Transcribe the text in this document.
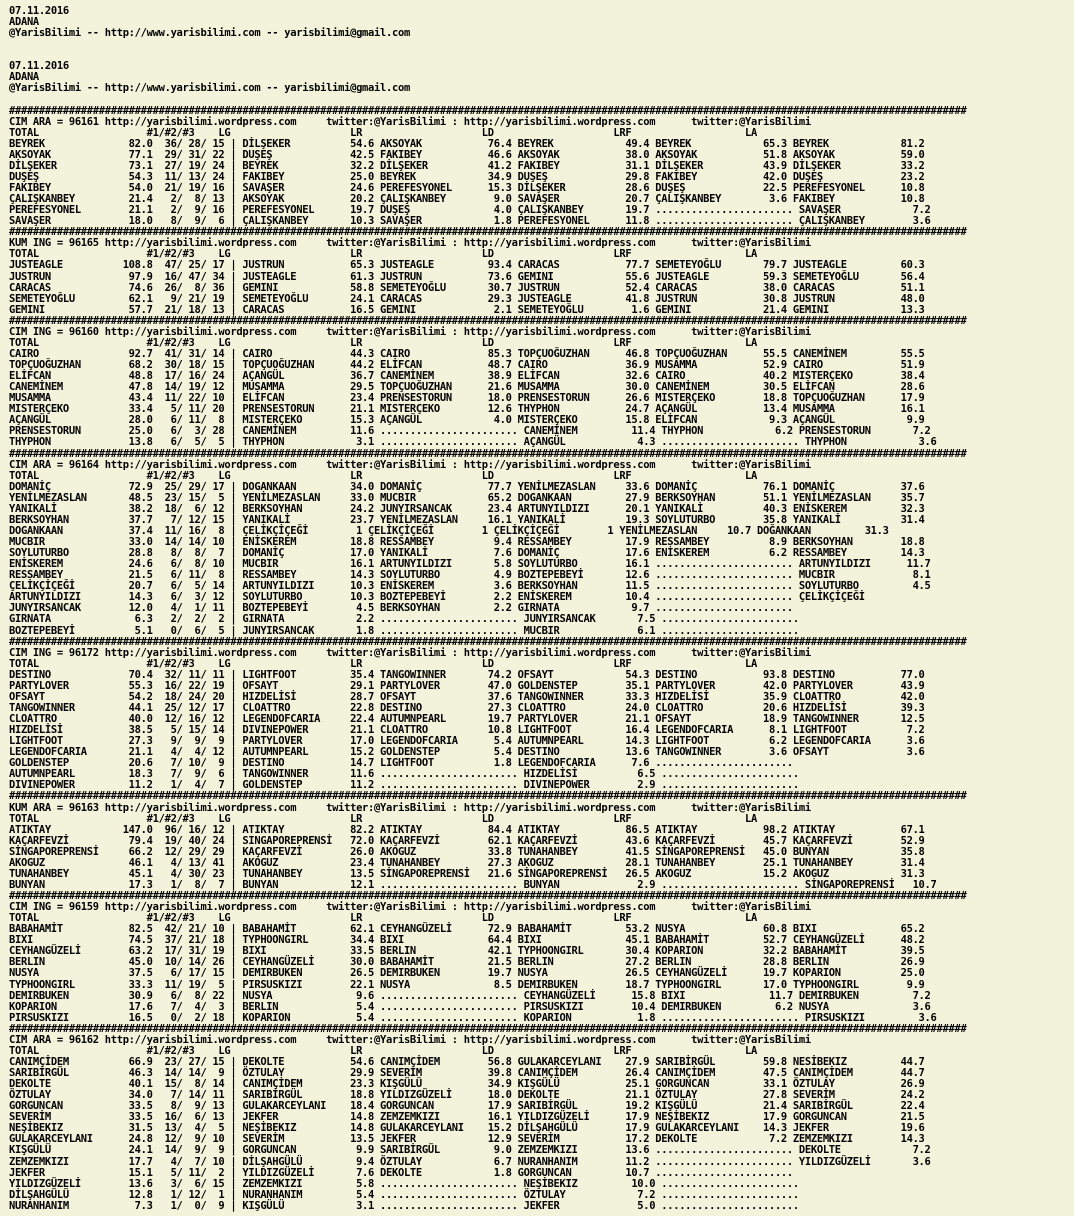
07.11.2016
ADANA
@YarisBilimi -- http://www.yarisbilimi.com -- yarisbilimi@gmail.com
07.11.2016
ADANA
@YarisBilimi -- http://www.yarisbilimi.com -- yarisbilimi@gmail.com
################################################################################################################################################################
CIM ARA = 96161 http://yarisbilimi.wordpress.com     twitter:@YarisBilimi : http://yarisbilimi.wordpress.com      twitter:@YarisBilimi
TOTAL                  #1/#2/#3    LG                    LR                    LD                    LRF                   LA
BEYREK              82.0  36/ 28/ 15 | DİLŞEKER          54.6 AKSOYAK           76.4 BEYREK            49.4 BEYREK            65.3 BEYREK            81.2
AKSOYAK             77.1  29/ 31/ 22 | DUŞEŞ             42.5 FAKIBEY           46.6 AKSOYAK           38.0 AKSOYAK           51.8 AKSOYAK           59.0
DİLŞEKER            73.1  27/ 19/ 24 | BEYREK            32.2 DİLŞEKER          41.2 FAKIBEY           31.1 DİLŞEKER          43.9 DİLŞEKER          33.2
DUŞEŞ               54.3  11/ 13/ 24 | FAKIBEY           25.0 BEYREK            34.9 DUŞEŞ             29.8 FAKIBEY           42.0 DUŞEŞ             23.2
FAKIBEY             54.0  21/ 19/ 16 | SAVAŞER           24.6 PEREFESYONEL      15.3 DİLŞEKER          28.6 DUŞEŞ             22.5 PEREFESYONEL      10.8
ÇALIŞKANBEY         21.4   2/  8/ 13 | AKSOYAK           20.2 ÇALIŞKANBEY        9.0 SAVAŞER           20.7 ÇALIŞKANBEY        3.6 FAKIBEY           10.8
PEREFESYONEL        21.1   2/  9/ 16 | PEREFESYONEL      19.7 DUŞEŞ              4.0 ÇALIŞKANBEY       19.7 ....................... SAVAŞER            7.2
SAVAŞER             18.0   8/  9/  6 | ÇALIŞKANBEY       10.3 SAVAŞER            1.8 PEREFESYONEL      11.8 ....................... ÇALIŞKANBEY        3.6
################################################################################################################################################################
KUM ING = 96165 http://yarisbilimi.wordpress.com     twitter:@YarisBilimi : http://yarisbilimi.wordpress.com      twitter:@YarisBilimi
TOTAL                  #1/#2/#3    LG                    LR                    LD                    LRF                   LA
JUSTEAGLE          108.8  47/ 25/ 17 | JUSTRUN           65.3 JUSTEAGLE         93.4 CARACAS           77.7 SEMETEYOĞLU       79.7 JUSTEAGLE         60.3
JUSTRUN             97.9  16/ 47/ 34 | JUSTEAGLE         61.3 JUSTRUN           73.6 GEMINI            55.6 JUSTEAGLE         59.3 SEMETEYOĞLU       56.4
CARACAS             74.6  26/  8/ 36 | GEMINI            58.8 SEMETEYOĞLU       30.7 JUSTRUN           52.4 CARACAS           38.0 CARACAS           51.1
SEMETEYOĞLU         62.1   9/ 21/ 19 | SEMETEYOĞLU       24.1 CARACAS           29.3 JUSTEAGLE         41.8 JUSTRUN           30.8 JUSTRUN           48.0
GEMINI              57.7  21/ 18/ 13 | CARACAS           16.5 GEMINI             2.1 SEMETEYOĞLU        1.6 GEMINI            21.4 GEMINI            13.3
################################################################################################################################################################
CIM ING = 96160 http://yarisbilimi.wordpress.com     twitter:@YarisBilimi : http://yarisbilimi.wordpress.com      twitter:@YarisBilimi
TOTAL                  #1/#2/#3    LG                    LR                    LD                    LRF                   LA
CAIRO               92.7  41/ 31/ 14 | CAIRO             44.3 CAIRO             85.3 TOPÇUOĞUZHAN      46.8 TOPÇUOĞUZHAN      55.5 CANEMİNEM         55.5
TOPÇUOĞUZHAN        68.2  30/ 18/ 15 | TOPÇUOĞUZHAN      44.2 ELİFCAN           48.7 CAIRO             36.9 MUSAMMA           52.9 CAIRO             51.9
ELİFCAN             48.8  17/ 16/ 24 | AÇANGÜL           36.7 CANEMİNEM         38.9 ELİFCAN           32.6 CAIRO             40.2 MISTERÇEKO        38.4
CANEMİNEM           47.8  14/ 19/ 12 | MUSAMMA           29.5 TOPÇUOĞUZHAN      21.6 MUSAMMA           30.0 CANEMİNEM         30.5 ELİFCAN           28.6
MUSAMMA             43.4  11/ 22/ 10 | ELİFCAN           23.4 PRENSESTORUN      18.0 PRENSESTORUN      26.6 MISTERÇEKO        18.8 TOPÇUOĞUZHAN      17.9
MISTERÇEKO          33.4   5/ 11/ 20 | PRENSESTORUN      21.1 MISTERÇEKO        12.6 THYPHON           24.7 AÇANGÜL           13.4 MUSAMMA           16.1
AÇANGÜL             28.0   6/ 11/  8 | MISTERÇEKO        15.3 AÇANGÜL            4.0 MISTERÇEKO        15.8 ELİFCAN            9.3 AÇANGÜL            9.9
PRENSESTORUN        25.0   6/  3/ 28 | CANEMİNEM         11.6 ....................... CANEMİNEM         11.4 THYPHON            6.2 PRENSESTORUN       7.2
THYPHON             13.8   6/  5/  5 | THYPHON            3.1 ....................... AÇANGÜL            4.3 ....................... THYPHON            3.6
################################################################################################################################################################
CIM ARA = 96164 http://yarisbilimi.wordpress.com     twitter:@YarisBilimi : http://yarisbilimi.wordpress.com      twitter:@YarisBilimi
TOTAL                  #1/#2/#3    LG                    LR                    LD                    LRF                   LA
DOMANİÇ             72.9  25/ 29/ 17 | DOGANKAAN         34.0 DOMANİÇ           77.7 YENİLMEZASLAN     33.6 DOMANİÇ           76.1 DOMANİÇ           37.6
YENİLMEZASLAN       48.5  23/ 15/  5 | YENİLMEZASLAN     33.0 MUCBIR            65.2 DOGANKAAN         27.9 BERKSOYHAN        51.1 YENİLMEZASLAN     35.7
YANIKALİ            38.2  18/  6/ 12 | BERKSOYHAN        24.2 JUNYIRSANCAK      23.4 ARTUNYILDIZI      20.1 YANIKALİ          40.3 ENİSKEREM         32.3
BERKSOYHAN          37.7   7/ 12/ 15 | YANIKALİ          23.7 YENİLMEZASLAN     16.1 YANIKALİ          19.3 SOYLUTURBO        35.8 YANIKALİ          31.4
DOGANKAAN           37.4  11/ 16/  8 | ÇELİKÇİÇEĞİ        1 ÇELİKÇİÇEĞİ        1 ÇELİKÇİÇEĞİ        1 YENİLMEZASLAN     10.7 DOĞANKAAN         31.3
MUCBIR              33.0  14/ 14/ 10 | ENİSKEREM         18.8 RESSAMBEY          9.4 RESSAMBEY         17.9 RESSAMBEY          8.9 BERKSOYHAN        18.8
SOYLUTURBO          28.8   8/  8/  7 | DOMANİÇ           17.0 YANIKALİ           7.6 DOMANİÇ           17.6 ENİSKEREM          6.2 RESSAMBEY         14.3
ENİSKEREM           24.6   6/  8/ 10 | MUCBIR            16.1 ARTUNYILDIZI       5.8 SOYLUTURBO        16.1 ....................... ARTUNYILDIZI      11.7
RESSAMBEY           21.5   6/ 11/  8 | RESSAMBEY         14.3 SOYLUTURBO         4.9 BOZTEPEBEYİ       12.6 ....................... MUCBIR             8.1
ÇELİKÇİÇEĞİ         20.7   6/  5/ 14 | ARTUNYILDIZI      10.3 ENİSKEREM          3.6 BERKSOYHAN        11.5 ....................... SOYLUTURBO         4.5
ARTUNYILDIZI        14.3   6/  3/ 12 | SOYLUTURBO        10.3 BOZTEPEBEYİ        2.2 ENİSKEREM         10.4 ....................... ÇELİKÇİÇEĞİ
JUNYIRSANCAK        12.0   4/  1/ 11 | BOZTEPEBEYİ        4.5 BERKSOYHAN         2.2 GIRNATA            9.7 .......................
GIRNATA              6.3   2/  2/  2 | GIRNATA            2.2 ....................... JUNYIRSANCAK       7.5 .......................
BOZTEPEBEYİ          5.1   0/  6/  5 | JUNYIRSANCAK       1.8 ....................... MUCBIR             6.1 .......................
################################################################################################################################################################
CIM ING = 96172 http://yarisbilimi.wordpress.com     twitter:@YarisBilimi : http://yarisbilimi.wordpress.com      twitter:@YarisBilimi
TOTAL                  #1/#2/#3    LG                    LR                    LD                    LRF                   LA
DESTINO             70.4  32/ 11/ 11 | LIGHTFOOT         35.4 TANGOWINNER       74.2 OFSAYT            54.3 DESTINO           93.8 DESTINO           77.0
PARTYLOVER          55.3  16/ 22/ 19 | OFSAYT            29.1 PARTYLOVER        47.0 GOLDENSTEP        35.1 PARTYLOVER        42.0 PARTYLOVER        43.9
OFSAYT              54.2  18/ 24/ 20 | HIZDELİSİ         28.7 OFSAYT            37.6 TANGOWINNER       33.3 HIZDELİSİ         35.9 CLOATTRO          42.0
TANGOWINNER         44.1  25/ 12/ 17 | CLOATTRO          22.8 DESTINO           27.3 CLOATTRO          24.0 CLOATTRO          20.6 HIZDELİSİ         39.3
CLOATTRO            40.0  12/ 16/ 12 | LEGENDOFCARIA     22.4 AUTUMNPEARL       19.7 PARTYLOVER        21.1 OFSAYT            18.9 TANGOWINNER       12.5
HIZDELİSİ           38.5   5/ 15/ 14 | DIVINEPOWER       21.1 CLOATTRO          10.8 LIGHTFOOT         16.4 LEGENDOFCARIA      8.1 LIGHTFOOT          7.2
LIGHTFOOT           27.3   9/  9/  9 | PARTYLOVER        17.0 LEGENDOFCARIA      5.4 AUTUMNPEARL       14.3 LIGHTFOOT          6.2 LEGENDOFCARIA      3.6
LEGENDOFCARIA       21.1   4/  4/ 12 | AUTUMNPEARL       15.2 GOLDENSTEP         5.4 DESTINO           13.6 TANGOWINNER        3.6 OFSAYT             3.6
GOLDENSTEP          20.6   7/ 10/  9 | DESTINO           14.7 LIGHTFOOT          1.8 LEGENDOFCARIA      7.6 .......................
AUTUMNPEARL         18.3   7/  9/  6 | TANGOWINNER       11.6 ....................... HIZDELİSİ          6.5 .......................
DIVINEPOWER         11.2   1/  4/  7 | GOLDENSTEP        11.2 ....................... DIVINEPOWER        2.9 .......................
################################################################################################################################################################
KUM ARA = 96163 http://yarisbilimi.wordpress.com     twitter:@YarisBilimi : http://yarisbilimi.wordpress.com      twitter:@YarisBilimi
TOTAL                  #1/#2/#3    LG                    LR                    LD                    LRF                   LA
ATIKTAY            147.0  96/ 16/ 12 | ATIKTAY           82.2 ATIKTAY           84.4 ATIKTAY           86.5 ATIKTAY           98.2 ATIKTAY           67.1
KAÇARFEVZİ          79.4  19/ 40/ 24 | SINGAPOREPRENSİ   72.0 KAÇARFEVZİ        62.1 KAÇARFEVZİ        43.6 KAÇARFEVZİ        45.7 KAÇARFEVZİ        52.9
SİNGAPOREPRENSİ     66.2  12/ 29/ 29 | KAÇARFEVZİ        26.0 AKOGUZ            33.8 TUNAHANBEY        41.5 SİNGAPOREPRENSİ   45.0 BUNYAN            35.8
AKOGUZ              46.1   4/ 13/ 41 | AKOGUZ            23.4 TUNAHANBEY        27.3 AKOGUZ            28.1 TUNAHANBEY        25.1 TUNAHANBEY        31.4
TUNAHANBEY          45.1   4/ 30/ 23 | TUNAHANBEY        13.5 SİNGAPOREPRENSİ   21.6 SİNGAPOREPRENSİ   26.5 AKOGUZ            15.2 AKOGUZ            31.3
BUNYAN              17.3   1/  8/  7 | BUNYAN            12.1 ....................... BUNYAN             2.9 ....................... SİNGAPOREPRENSİ   10.7
################################################################################################################################################################
CIM ING = 96159 http://yarisbilimi.wordpress.com     twitter:@YarisBilimi : http://yarisbilimi.wordpress.com      twitter:@YarisBilimi
TOTAL                  #1/#2/#3    LG                    LR                    LD                    LRF                   LA
BABAHAMİT           82.5  42/ 21/ 10 | BABAHAMİT         62.1 CEYHANGÜZELİ      72.9 BABAHAMİT         53.2 NUSYA             60.8 BIXI              65.2
BIXI                74.5  37/ 21/ 18 | TYPHOONGIRL       34.4 BIXI              64.4 BIXI              45.1 BABAHAMİT         52.7 CEYHANGÜZELİ      48.2
CEYHANGÜZELİ        63.2  17/ 31/ 19 | BIXI              33.5 BERLIN            42.1 TYPHOONGIRL       30.4 KOPARION          32.2 BABAHAMİT         39.5
BERLIN              45.0  10/ 14/ 26 | CEYHANGÜZELİ      30.0 BABAHAMİT         21.5 BERLIN            27.2 BERLIN            28.8 BERLIN            26.9
NUSYA               37.5   6/ 17/ 15 | DEMIRBUKEN        26.5 DEMIRBUKEN        19.7 NUSYA             26.5 CEYHANGÜZELİ      19.7 KOPARION          25.0
TYPHOONGIRL         33.3  11/ 19/  5 | PIRSUSKIZI        22.1 NUSYA              8.5 DEMIRBUKEN        18.7 TYPHOONGIRL       17.0 TYPHOONGIRL        9.9
DEMIRBUKEN          30.9   6/  8/ 22 | NUSYA              9.6 ....................... CEYHANGÜZELİ      15.8 BIXI              11.7 DEMIRBUKEN         7.2
KOPARION            17.6   7/  4/  3 | BERLIN             5.4 ....................... PIRSUSKIZI        10.4 DEMIRBUKEN         6.2 NUSYA              3.6
PIRSUSKIZI          16.5   0/  2/ 18 | KOPARION           5.4 ....................... KOPARION           1.8 ....................... PIRSUSKIZI         3.6
################################################################################################################################################################
CIM ARA = 96162 http://yarisbilimi.wordpress.com     twitter:@YarisBilimi : http://yarisbilimi.wordpress.com      twitter:@YarisBilimi
TOTAL                  #1/#2/#3    LG                    LR                    LD                    LRF                   LA
CANIMÇİDEM          66.9  23/ 27/ 15 | DEKOLTE           54.6 CANIMÇİDEM        56.8 GULAKARCEYLANI    27.9 SARIBİRGÜL        59.8 NESİBEKIZ         44.7
SARIBİRGÜL          46.3  14/ 14/  9 | ÖZTULAY           29.9 SEVERİM           39.8 CANIMÇİDEM        26.4 CANIMÇİDEM        47.5 CANIMÇİDEM        44.7
DEKOLTE             40.1  15/  8/ 14 | CANIMÇİDEM        23.3 KIŞGÜLÜ           34.9 KIŞGÜLÜ           25.1 GORGUNCAN         33.1 ÖZTULAY           26.9
ÖZTULAY             34.0   7/ 14/ 11 | SARIBİRGÜL        18.8 YILDIZGÜZELİ      18.0 DEKOLTE           21.1 ÖZTULAY           27.8 SEVERİM           24.2
GORGUNCAN           33.5   8/  9/ 13 | GULAKARCEYLANI    18.4 GORGUNCAN         17.9 SARIBİRGÜL        19.2 KIŞGÜLÜ           21.4 SARIBİRGÜL        22.4
SEVERİM             33.5  16/  6/ 13 | JEKFER            14.8 ZEMZEMKIZI        16.1 YILDIZGÜZELİ      17.9 NEŞİBEKIZ         17.9 GORGUNCAN         21.5
NEŞİBEKIZ           31.5  13/  4/  5 | NEŞİBEKIZ         14.8 GULAKARCEYLANI    15.2 DİLŞAHGÜLÜ        17.9 GULAKARCEYLANI    14.3 JEKFER            19.6
GULAKARCEYLANI      24.8  12/  9/ 10 | SEVERİM           13.5 JEKFER            12.9 SEVERİM           17.2 DEKOLTE            7.2 ZEMZEMKIZI        14.3
KIŞGÜLÜ             24.1  14/  9/  9 | GORGUNCAN          9.9 SARIBİRGÜL         9.0 ZEMZEMKIZI        13.6 ....................... DEKOLTE            7.2
ZEMZEMKIZI          17.7   4/  7/ 10 | DİLŞAHGÜLÜ         9.4 ÖZTULAY            6.7 NURANHANIM        11.2 ....................... YILDIZGÜZELİ       3.6
JEKFER              15.1   5/ 11/  2 | YILDIZGÜZELİ       7.6 DEKOLTE            1.8 GORGUNCAN         10.7 .......................
YILDIZGÜZELİ        13.6   3/  6/ 15 | ZEMZEMKIZI         5.8 ....................... NEŞİBEKIZ         10.0 .......................
DİLŞAHGÜLÜ          12.8   1/ 12/  1 | NURANHANIM         5.4 ....................... ÖZTULAY            7.2 .......................
NURANHANIM           7.3   1/  0/  9 | KIŞGÜLÜ            3.1 ....................... JEKFER             5.0 .......................
